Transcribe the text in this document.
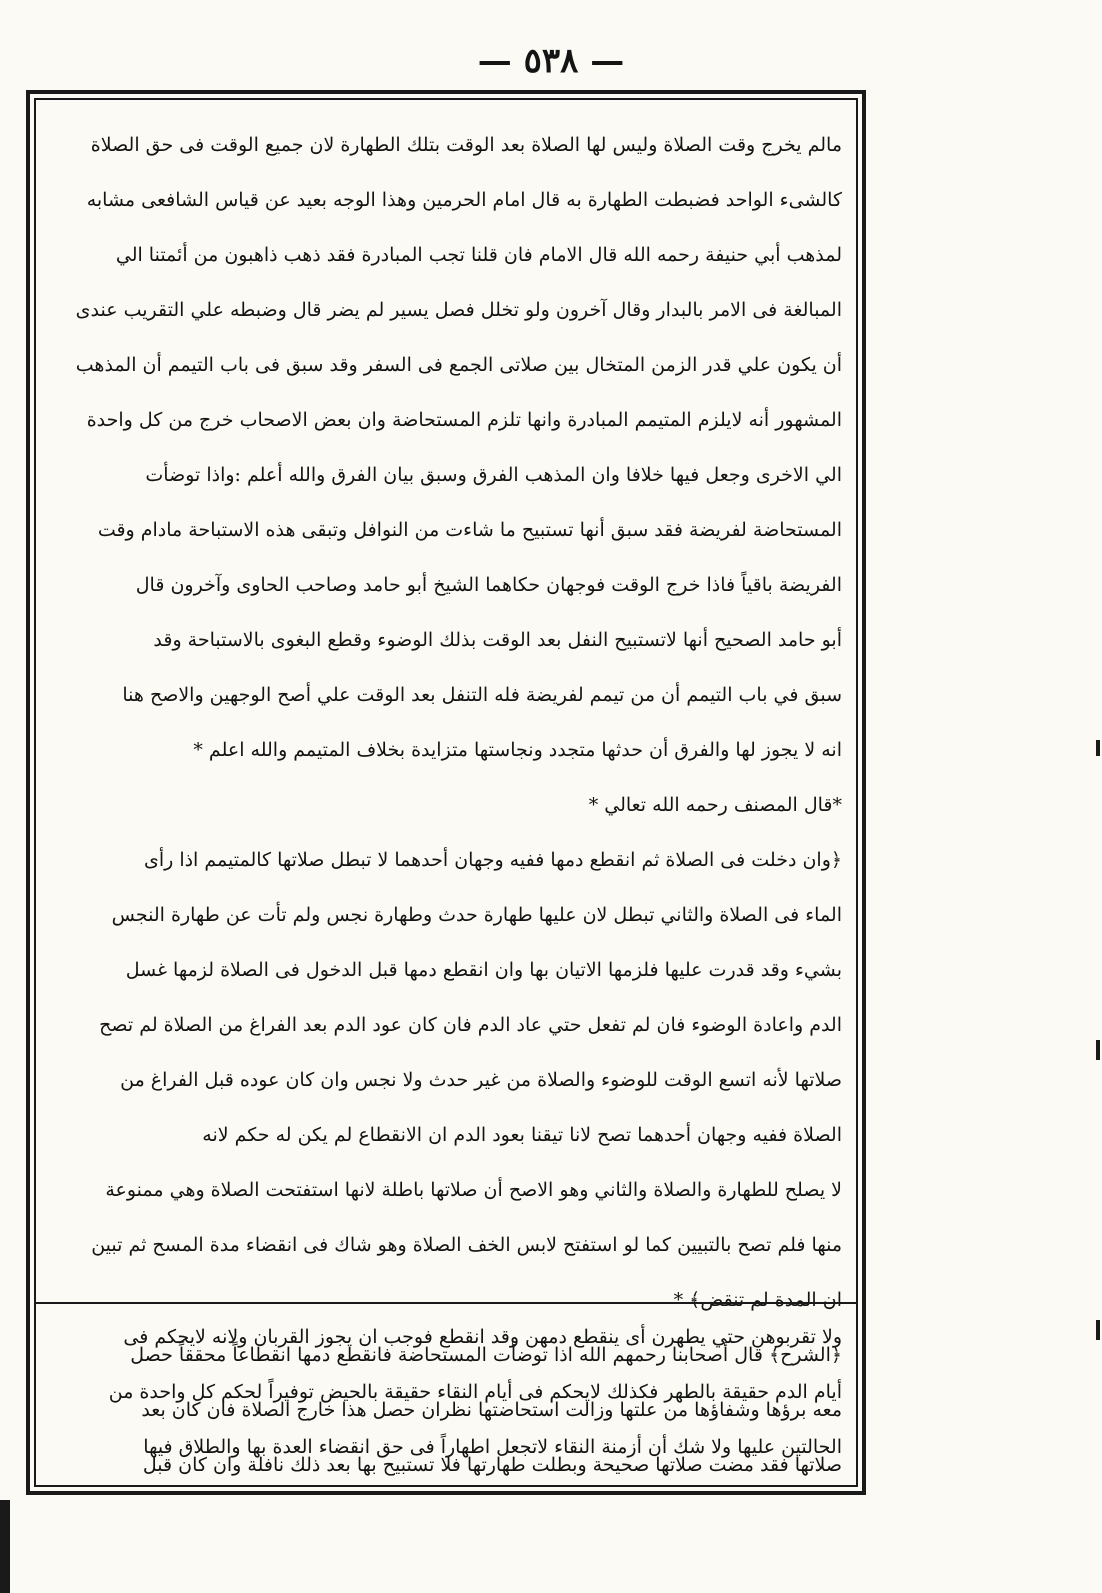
— ٥٣٨ —
مالم يخرج وقت الصلاة وليس لها الصلاة بعد الوقت بتلك الطهارة لان جميع الوقت فى حق الصلاة
كالشىء الواحد فضبطت الطهارة به قال امام الحرمين وهذا الوجه بعيد عن قياس الشافعى مشابه
لمذهب أبي حنيفة رحمه الله قال الامام فان قلنا تجب المبادرة فقد ذهب ذاهبون من أئمتنا الي
المبالغة فى الامر بالبدار وقال آخرون ولو تخلل فصل يسير لم يضر قال وضبطه علي التقريب عندى
أن يكون علي قدر الزمن المتخال بين صلاتى الجمع فى السفر وقد سبق فى باب التيمم أن المذهب
المشهور أنه لايلزم المتيمم المبادرة وانها تلزم المستحاضة وان بعض الاصحاب خرج من كل واحدة
الي الاخرى وجعل فيها خلافا وان المذهب الفرق وسبق بيان الفرق والله أعلم :واذا توضأت
المستحاضة لفريضة فقد سبق أنها تستبيح ما شاءت من النوافل وتبقى هذه الاستباحة مادام وقت
الفريضة باقياً فاذا خرج الوقت فوجهان حكاهما الشيخ أبو حامد وصاحب الحاوى وآخرون قال
أبو حامد الصحيح أنها لاتستبيح النفل بعد الوقت بذلك الوضوء وقطع البغوى بالاستباحة وقد
سبق في باب التيمم أن من تيمم لفريضة فله التنفل بعد الوقت علي أصح الوجهين والاصح هنا
انه لا يجوز لها والفرق أن حدثها متجدد ونجاستها متزايدة بخلاف المتيمم والله اعلم *
*قال المصنف رحمه الله تعالي *
﴿وان دخلت فى الصلاة ثم انقطع دمها ففيه وجهان أحدهما لا تبطل صلاتها كالمتيمم اذا رأى
الماء فى الصلاة والثاني تبطل لان عليها طهارة حدث وطهارة نجس ولم تأت عن طهارة النجس
بشيء وقد قدرت عليها فلزمها الاتيان بها وان انقطع دمها قبل الدخول فى الصلاة لزمها غسل
الدم واعادة الوضوء فان لم تفعل حتي عاد الدم فان كان عود الدم بعد الفراغ من الصلاة لم تصح
صلاتها لأنه اتسع الوقت للوضوء والصلاة من غير حدث ولا نجس وان كان عوده قبل الفراغ من
الصلاة ففيه وجهان أحدهما تصح لانا تيقنا بعود الدم ان الانقطاع لم يكن له حكم لانه
لا يصلح للطهارة والصلاة والثاني وهو الاصح أن صلاتها باطلة لانها استفتحت الصلاة وهي ممنوعة
منها فلم تصح بالتبيين كما لو استفتح لابس الخف الصلاة وهو شاك فى انقضاء مدة المسح ثم تبين
ان المدة لم تنقض﴾ *
﴿الشرح﴾ قال أصحابنا رحمهم الله اذا توضأت المستحاضة فانقطع دمها انقطاعاً محققاً حصل
معه برؤها وشفاؤها من علتها وزالت استحاضتها نظران حصل هذا خارج الصلاة فان كان بعد
صلاتها فقد مضت صلاتها صحيحة وبطلت طهارتها فلا تستبيح بها بعد ذلك نافلة وان كان قبل
ولا تقربوهن حتي يطهرن أى ينقطع دمهن وقد انقطع فوجب ان يجوز القربان ولانه لايحكم فى
أيام الدم حقيقة بالطهر فكذلك لايحكم فى أيام النقاء حقيقة بالحيض توفيراً لحكم كل واحدة من
الحالتين عليها ولا شك أن أزمنة النقاء لاتجعل اطهاراً فى حق انقضاء العدة بها والطلاق فيها
